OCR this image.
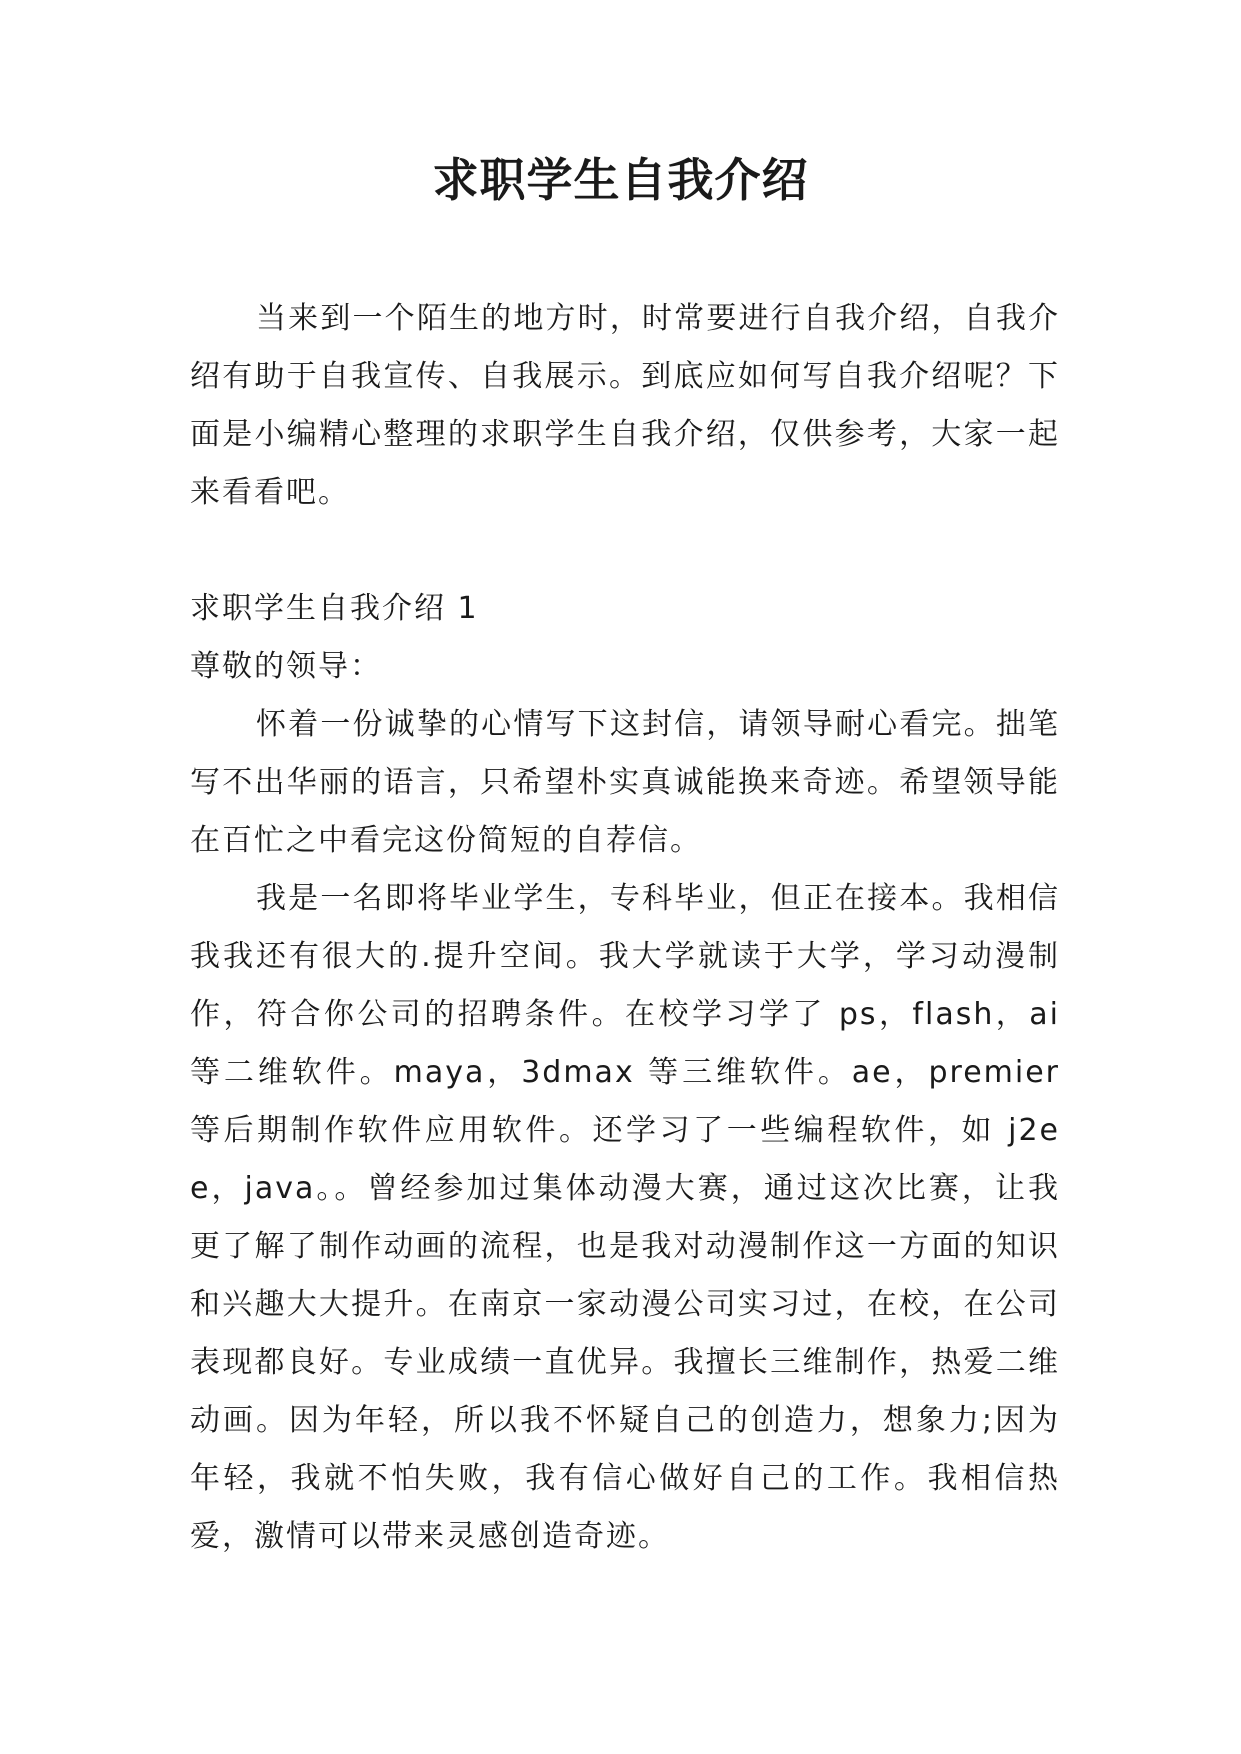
求职学生自我介绍

当来到一个陌生的地方时，时常要进行自我介绍，自我介绍有助于自我宣传、自我展示。到底应如何写自我介绍呢？下面是小编精心整理的求职学生自我介绍，仅供参考，大家一起来看看吧。

求职学生自我介绍 1

尊敬的领导：

怀着一份诚挚的心情写下这封信，请领导耐心看完。拙笔写不出华丽的语言，只希望朴实真诚能换来奇迹。希望领导能在百忙之中看完这份简短的自荐信。

我是一名即将毕业学生，专科毕业，但正在接本。我相信我我还有很大的.提升空间。我大学就读于大学，学习动漫制作，符合你公司的招聘条件。在校学习学了 ps，flash，ai 等二维软件。maya，3dmax 等三维软件。ae，premier 等后期制作软件应用软件。还学习了一些编程软件，如 j2ee，java。。曾经参加过集体动漫大赛，通过这次比赛，让我更了解了制作动画的流程，也是我对动漫制作这一方面的知识和兴趣大大提升。在南京一家动漫公司实习过，在校，在公司表现都良好。专业成绩一直优异。我擅长三维制作，热爱二维动画。因为年轻，所以我不怀疑自己的创造力，想象力;因为年轻，我就不怕失败，我有信心做好自己的工作。我相信热爱，激情可以带来灵感创造奇迹。
